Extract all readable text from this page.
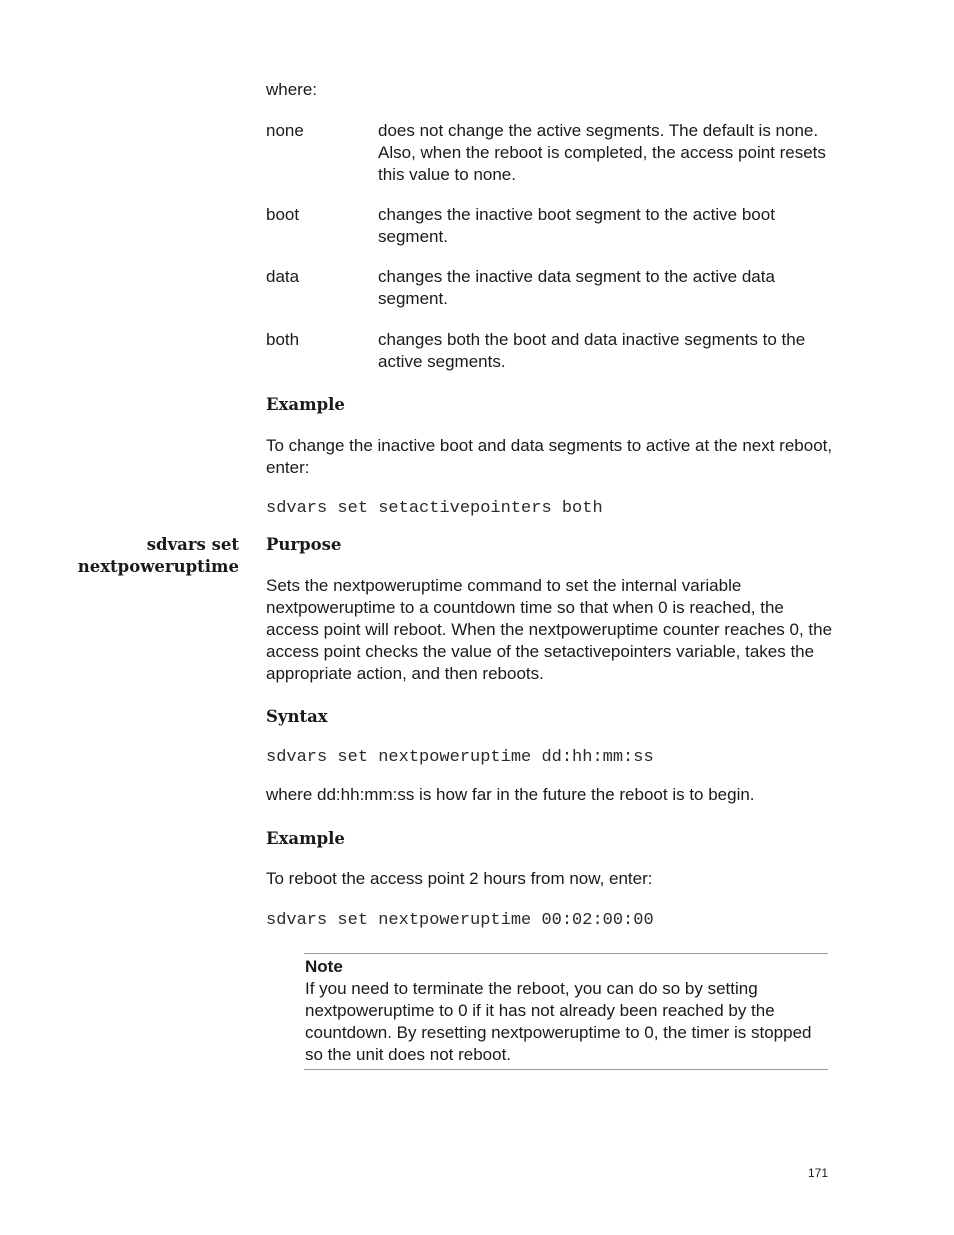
where:
none	does not change the active segments. The default is none. Also, when the reboot is completed, the access point resets this value to none.
boot	changes the inactive boot segment to the active boot segment.
data	changes the inactive data segment to the active data segment.
both	changes both the boot and data inactive segments to the active segments.
Example
To change the inactive boot and data segments to active at the next reboot, enter:
sdvars set setactivepointers both
sdvars set
nextpoweruptime
Purpose
Sets the nextpoweruptime command to set the internal variable nextpoweruptime to a countdown time so that when 0 is reached, the access point will reboot. When the nextpoweruptime counter reaches 0, the access point checks the value of the setactivepointers variable, takes the appropriate action, and then reboots.
Syntax
sdvars set nextpoweruptime dd:hh:mm:ss
where dd:hh:mm:ss is how far in the future the reboot is to begin.
Example
To reboot the access point 2 hours from now, enter:
sdvars set nextpoweruptime 00:02:00:00
Note
If you need to terminate the reboot, you can do so by setting nextpoweruptime to 0 if it has not already been reached by the countdown. By resetting nextpoweruptime to 0, the timer is stopped so the unit does not reboot.
171
